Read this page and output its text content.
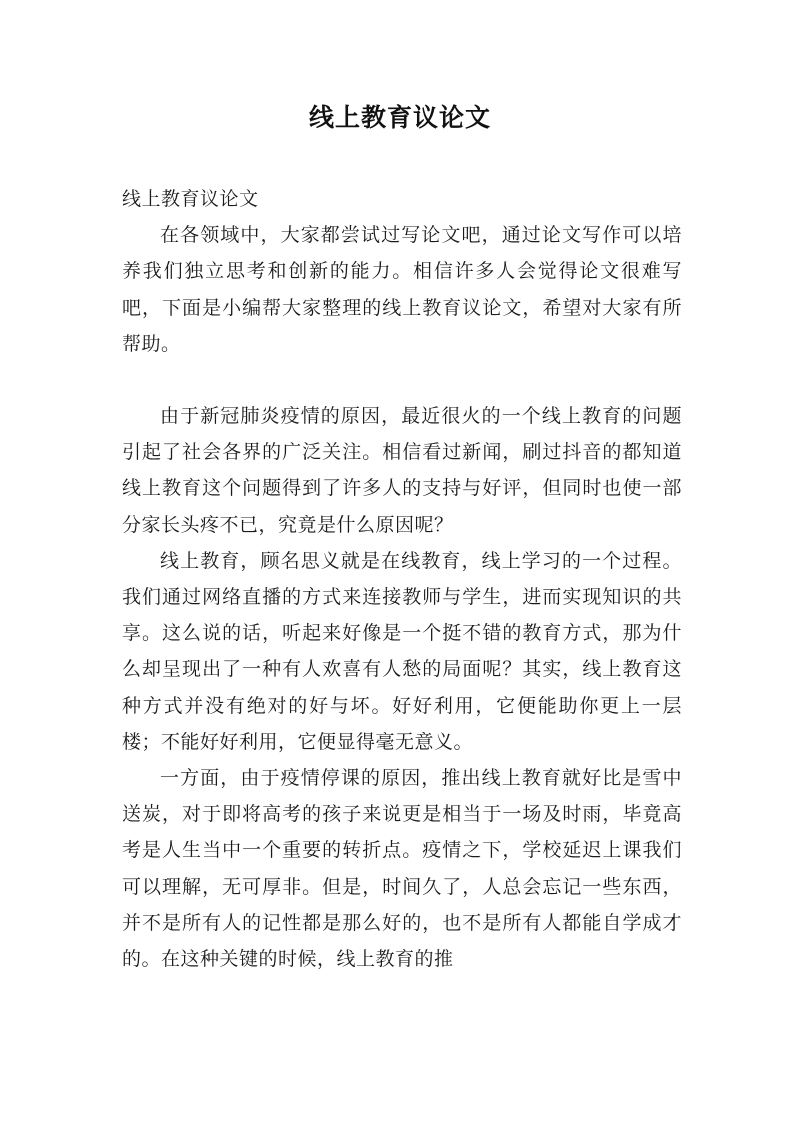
线上教育议论文

线上教育议论文

在各领域中，大家都尝试过写论文吧，通过论文写作可以培养我们独立思考和创新的能力。相信许多人会觉得论文很难写吧，下面是小编帮大家整理的线上教育议论文，希望对大家有所帮助。

由于新冠肺炎疫情的原因，最近很火的一个线上教育的问题引起了社会各界的广泛关注。相信看过新闻，刷过抖音的都知道线上教育这个问题得到了许多人的支持与好评，但同时也使一部分家长头疼不已，究竟是什么原因呢？

线上教育，顾名思义就是在线教育，线上学习的一个过程。我们通过网络直播的方式来连接教师与学生，进而实现知识的共享。这么说的话，听起来好像是一个挺不错的教育方式，那为什么却呈现出了一种有人欢喜有人愁的局面呢？其实，线上教育这种方式并没有绝对的好与坏。好好利用，它便能助你更上一层楼；不能好好利用，它便显得毫无意义。

一方面，由于疫情停课的原因，推出线上教育就好比是雪中送炭，对于即将高考的孩子来说更是相当于一场及时雨，毕竟高考是人生当中一个重要的转折点。疫情之下，学校延迟上课我们可以理解，无可厚非。但是，时间久了，人总会忘记一些东西，并不是所有人的记性都是那么好的，也不是所有人都能自学成才的。在这种关键的时候，线上教育的推
